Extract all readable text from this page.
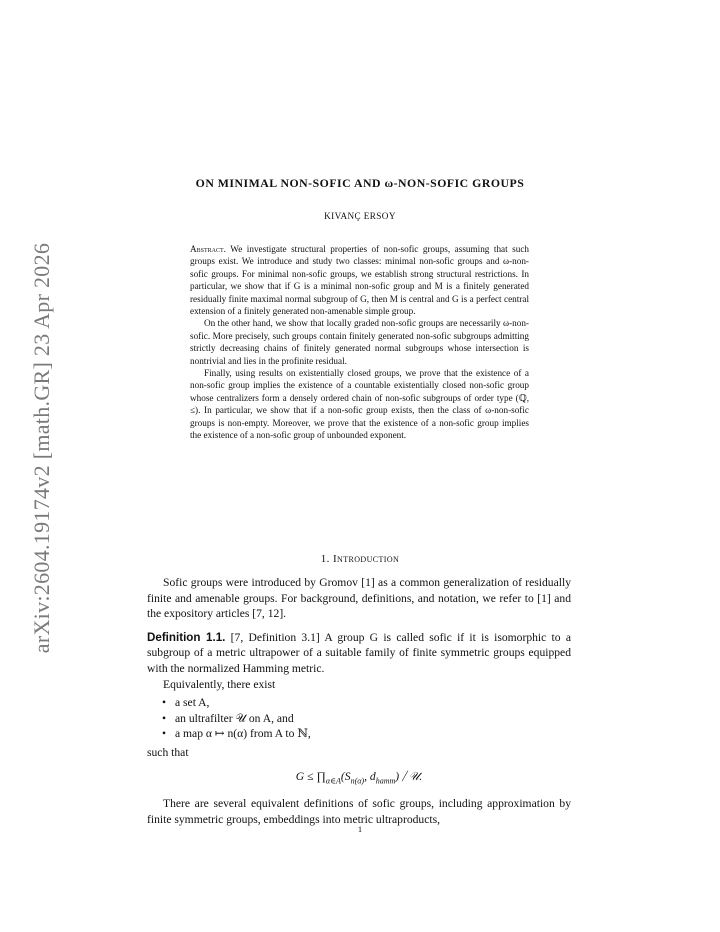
arXiv:2604.19174v2 [math.GR] 23 Apr 2026
ON MINIMAL NON-SOFIC AND ω-NON-SOFIC GROUPS
KIVANÇ ERSOY

Abstract. We investigate structural properties of non-sofic groups, assuming that such groups exist. We introduce and study two classes: minimal non-sofic groups and ω-non-sofic groups. For minimal non-sofic groups, we establish strong structural restrictions. In particular, we show that if G is a minimal non-sofic group and M is a finitely generated residually finite maximal normal subgroup of G, then M is central and G is a perfect central extension of a finitely generated non-amenable simple group.

On the other hand, we show that locally graded non-sofic groups are necessarily ω-non-sofic. More precisely, such groups contain finitely generated non-sofic subgroups admitting strictly decreasing chains of finitely generated normal subgroups whose intersection is nontrivial and lies in the profinite residual.

Finally, using results on existentially closed groups, we prove that the existence of a non-sofic group implies the existence of a countable existentially closed non-sofic group whose centralizers form a densely ordered chain of non-sofic subgroups of order type (ℚ, ≤). In particular, we show that if a non-sofic group exists, then the class of ω-non-sofic groups is non-empty. Moreover, we prove that the existence of a non-sofic group implies the existence of a non-sofic group of unbounded exponent.

1. Introduction

Sofic groups were introduced by Gromov [1] as a common generalization of residually finite and amenable groups. For background, definitions, and notation, we refer to [1] and the expository articles [7, 12].

Definition 1.1. [7, Definition 3.1] A group G is called sofic if it is isomorphic to a subgroup of a metric ultrapower of a suitable family of finite symmetric groups equipped with the normalized Hamming metric.

Equivalently, there exist

• a set A,
• an ultrafilter 𝒰 on A, and
• a map α ↦ n(α) from A to ℕ,

such that

$G \le \prod_{\alpha\in A}(S_{n(\alpha)}$, $d_{hamm}$) ⧸ 𝒰.

There are several equivalent definitions of sofic groups, including approximation by finite symmetric groups, embeddings into metric ultraproducts,

1
